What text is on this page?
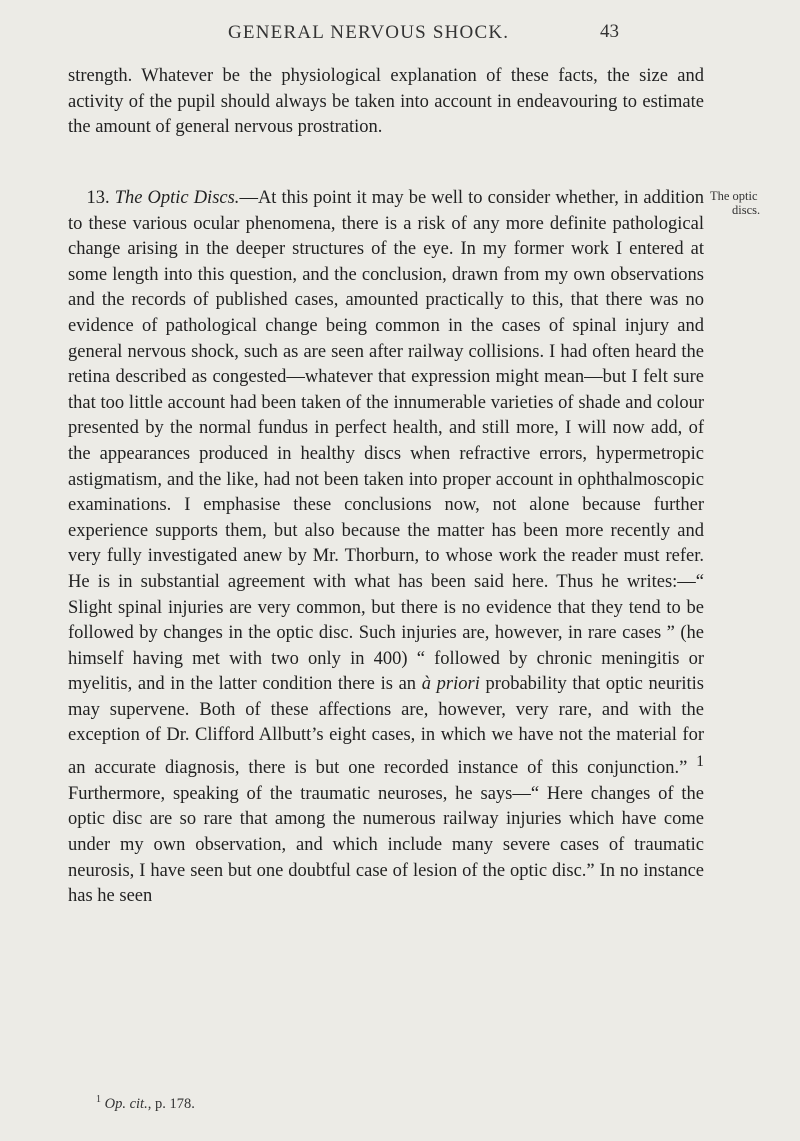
GENERAL NERVOUS SHOCK.	43

strength. Whatever be the physiological explanation of these facts, the size and activity of the pupil should always be taken into account in endeavouring to estimate the amount of general nervous prostration.

 13. The Optic Discs.—At this point it may be well to consider whether, in addition to these various ocular phenomena, there is a risk of any more definite pathological change arising in the deeper structures of the eye. In my former work I entered at some length into this question, and the conclusion, drawn from my own observations and the records of published cases, amounted practically to this, that there was no evidence of pathological change being common in the cases of spinal injury and general nervous shock, such as are seen after railway collisions. I had often heard the retina described as congested—whatever that expression might mean—but I felt sure that too little account had been taken of the innumerable varieties of shade and colour presented by the normal fundus in perfect health, and still more, I will now add, of the appearances produced in healthy discs when refractive errors, hypermetropic astigmatism, and the like, had not been taken into proper account in ophthalmoscopic examinations. I emphasise these conclusions now, not alone because further experience supports them, but also because the matter has been more recently and very fully investigated anew by Mr. Thorburn, to whose work the reader must refer. He is in substantial agreement with what has been said here. Thus he writes:—“ Slight spinal injuries are very common, but there is no evidence that they tend to be followed by changes in the optic disc. Such injuries are, however, in rare cases ” (he himself having met with two only in 400) “ followed by chronic meningitis or myelitis, and in the latter condition there is an à priori probability that optic neuritis may supervene. Both of these affections are, however, very rare, and with the exception of Dr. Clifford Allbutt’s eight cases, in which we have not the material for an accurate diagnosis, there is but one recorded instance of this conjunction.” $^1$ Furthermore, speaking of the traumatic neuroses, he says—“ Here changes of the optic disc are so rare that among the numerous railway injuries which have come under my own observation, and which include many severe cases of traumatic neurosis, I have seen but one doubtful case of lesion of the optic disc.” In no instance has he seen

The optic
discs.
$^1$ Op. cit., p. 178.
